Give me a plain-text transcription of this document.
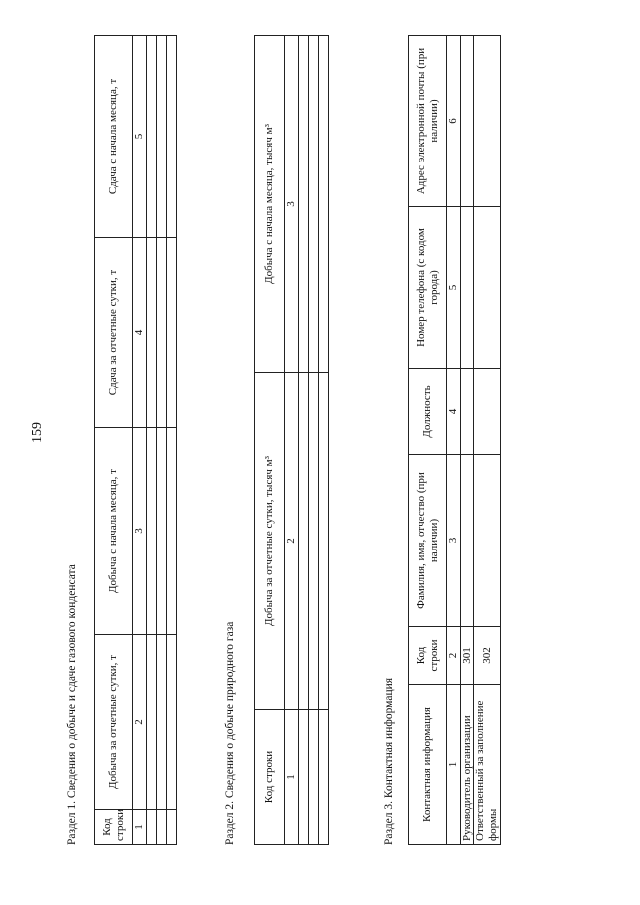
159
Раздел 1. Сведения о добыче и сдаче газового конденсата Код строки	Добыча за отчетные сутки, т	Добыча с начала месяца, т	Сдача за отчетные сутки, т	Сдача с начала месяца, т
1	2	3	4	5

Раздел 2. Сведения о добыче природного газа Код строки	Добыча за отчетные сутки, тысяч м³	Добыча с начала месяца, тысяч м³
1	2	3

Раздел 3. Контактная информация Контактная информация	Код строки	Фамилия, имя, отчество (при наличии)	Должность	Номер телефона (с кодом города)	Адрес электронной почты (при наличии)
1	2	3	4	5	6
Руководитель организации	301				
Ответственный за заполнение формы	302				
